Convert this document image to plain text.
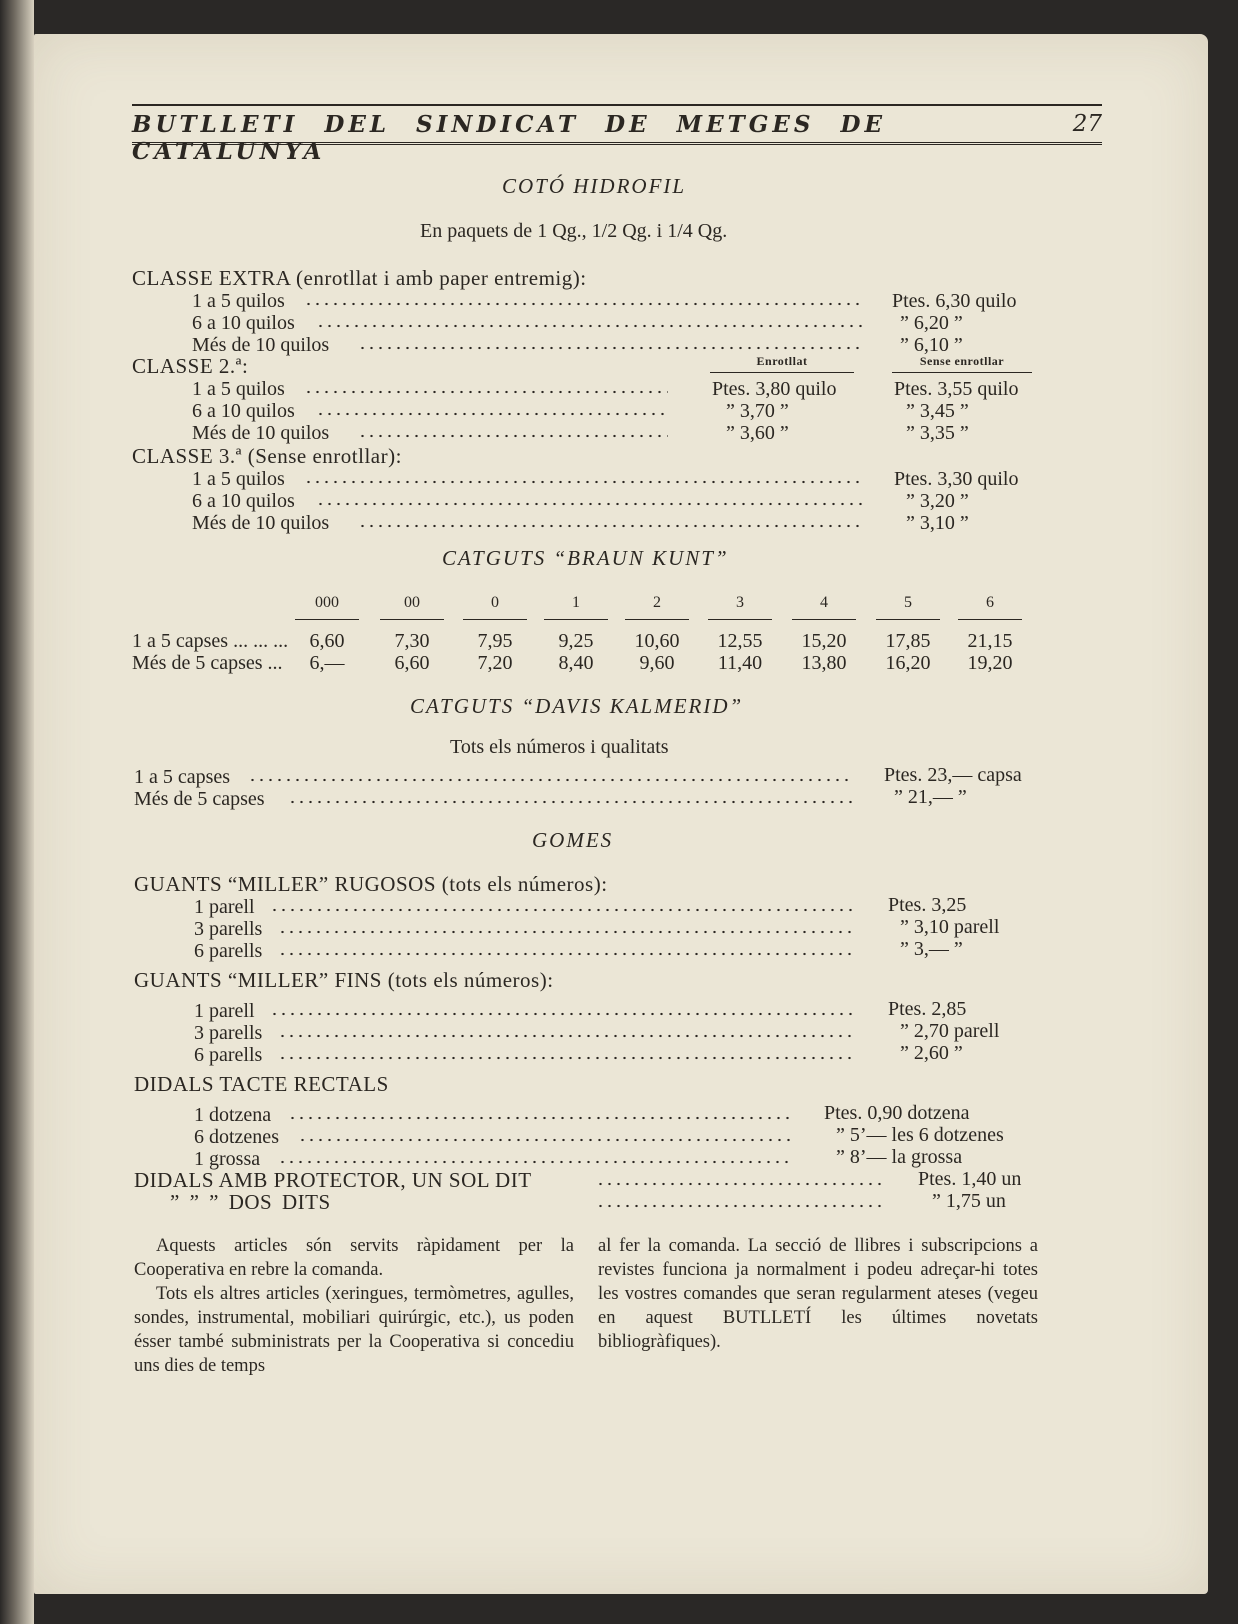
BUTLLETI DEL SINDICAT DE METGES DE CATALUNYA
27
COTÓ HIDROFIL
En paquets de 1 Qg., 1/2 Qg. i 1/4 Qg.
CLASSE EXTRA (enrotllat i amb paper entremig):
1 a 5 quilos	Ptes. 6,30 quilo
6 a 10 quilos	” 6,20 ”
Més de 10 quilos	” 6,10 ”
CLASSE 2.ª:	Enrotllat	Sense enrotllar
1 a 5 quilos	Ptes. 3,80 quilo	Ptes. 3,55 quilo
6 a 10 quilos	” 3,70 ”	” 3,45 ”
Més de 10 quilos	” 3,60 ”	” 3,35 ”
CLASSE 3.ª (Sense enrotllar):
1 a 5 quilos	Ptes. 3,30 quilo
6 a 10 quilos	” 3,20 ”
Més de 10 quilos	” 3,10 ”
CATGUTS “BRAUN KUNT”
000	00	0	1	2	3	4	5	6
1 a 5 capses ... ... ...	6,60	7,30	7,95	9,25	10,60	12,55	15,20	17,85	21,15
Més de 5 capses ...	6,—	6,60	7,20	8,40	9,60	11,40	13,80	16,20	19,20
CATGUTS “DAVIS KALMERID”
Tots els números i qualitats
1 a 5 capses	Ptes. 23,— capsa
Més de 5 capses	” 21,— ”
GOMES
GUANTS “MILLER” RUGOSOS (tots els números):
1 parell	Ptes. 3,25
3 parells	” 3,10 parell
6 parells	” 3,— ”
GUANTS “MILLER” FINS (tots els números):
1 parell	Ptes. 2,85
3 parells	” 2,70 parell
6 parells	” 2,60 ”
DIDALS TACTE RECTALS
1 dotzena	Ptes. 0,90 dotzena
6 dotzenes	” 5’— les 6 dotzenes
1 grossa	” 8’— la grossa
DIDALS AMB PROTECTOR, UN SOL DIT	Ptes. 1,40 un
” ” ” DOS DITS	” 1,75 un

Aquests articles són servits ràpidament per la Cooperativa en rebre la comanda.

Tots els altres articles (xeringues, termòmetres, agulles, sondes, instrumental, mobiliari quirúrgic, etc.), us poden ésser també subministrats per la Cooperativa si concediu uns dies de temps

al fer la comanda. La secció de llibres i subscripcions a revistes funciona ja normalment i podeu adreçar-hi totes les vostres comandes que seran regularment ateses (vegeu en aquest BUTLLETÍ les últimes novetats bibliogràfiques).
